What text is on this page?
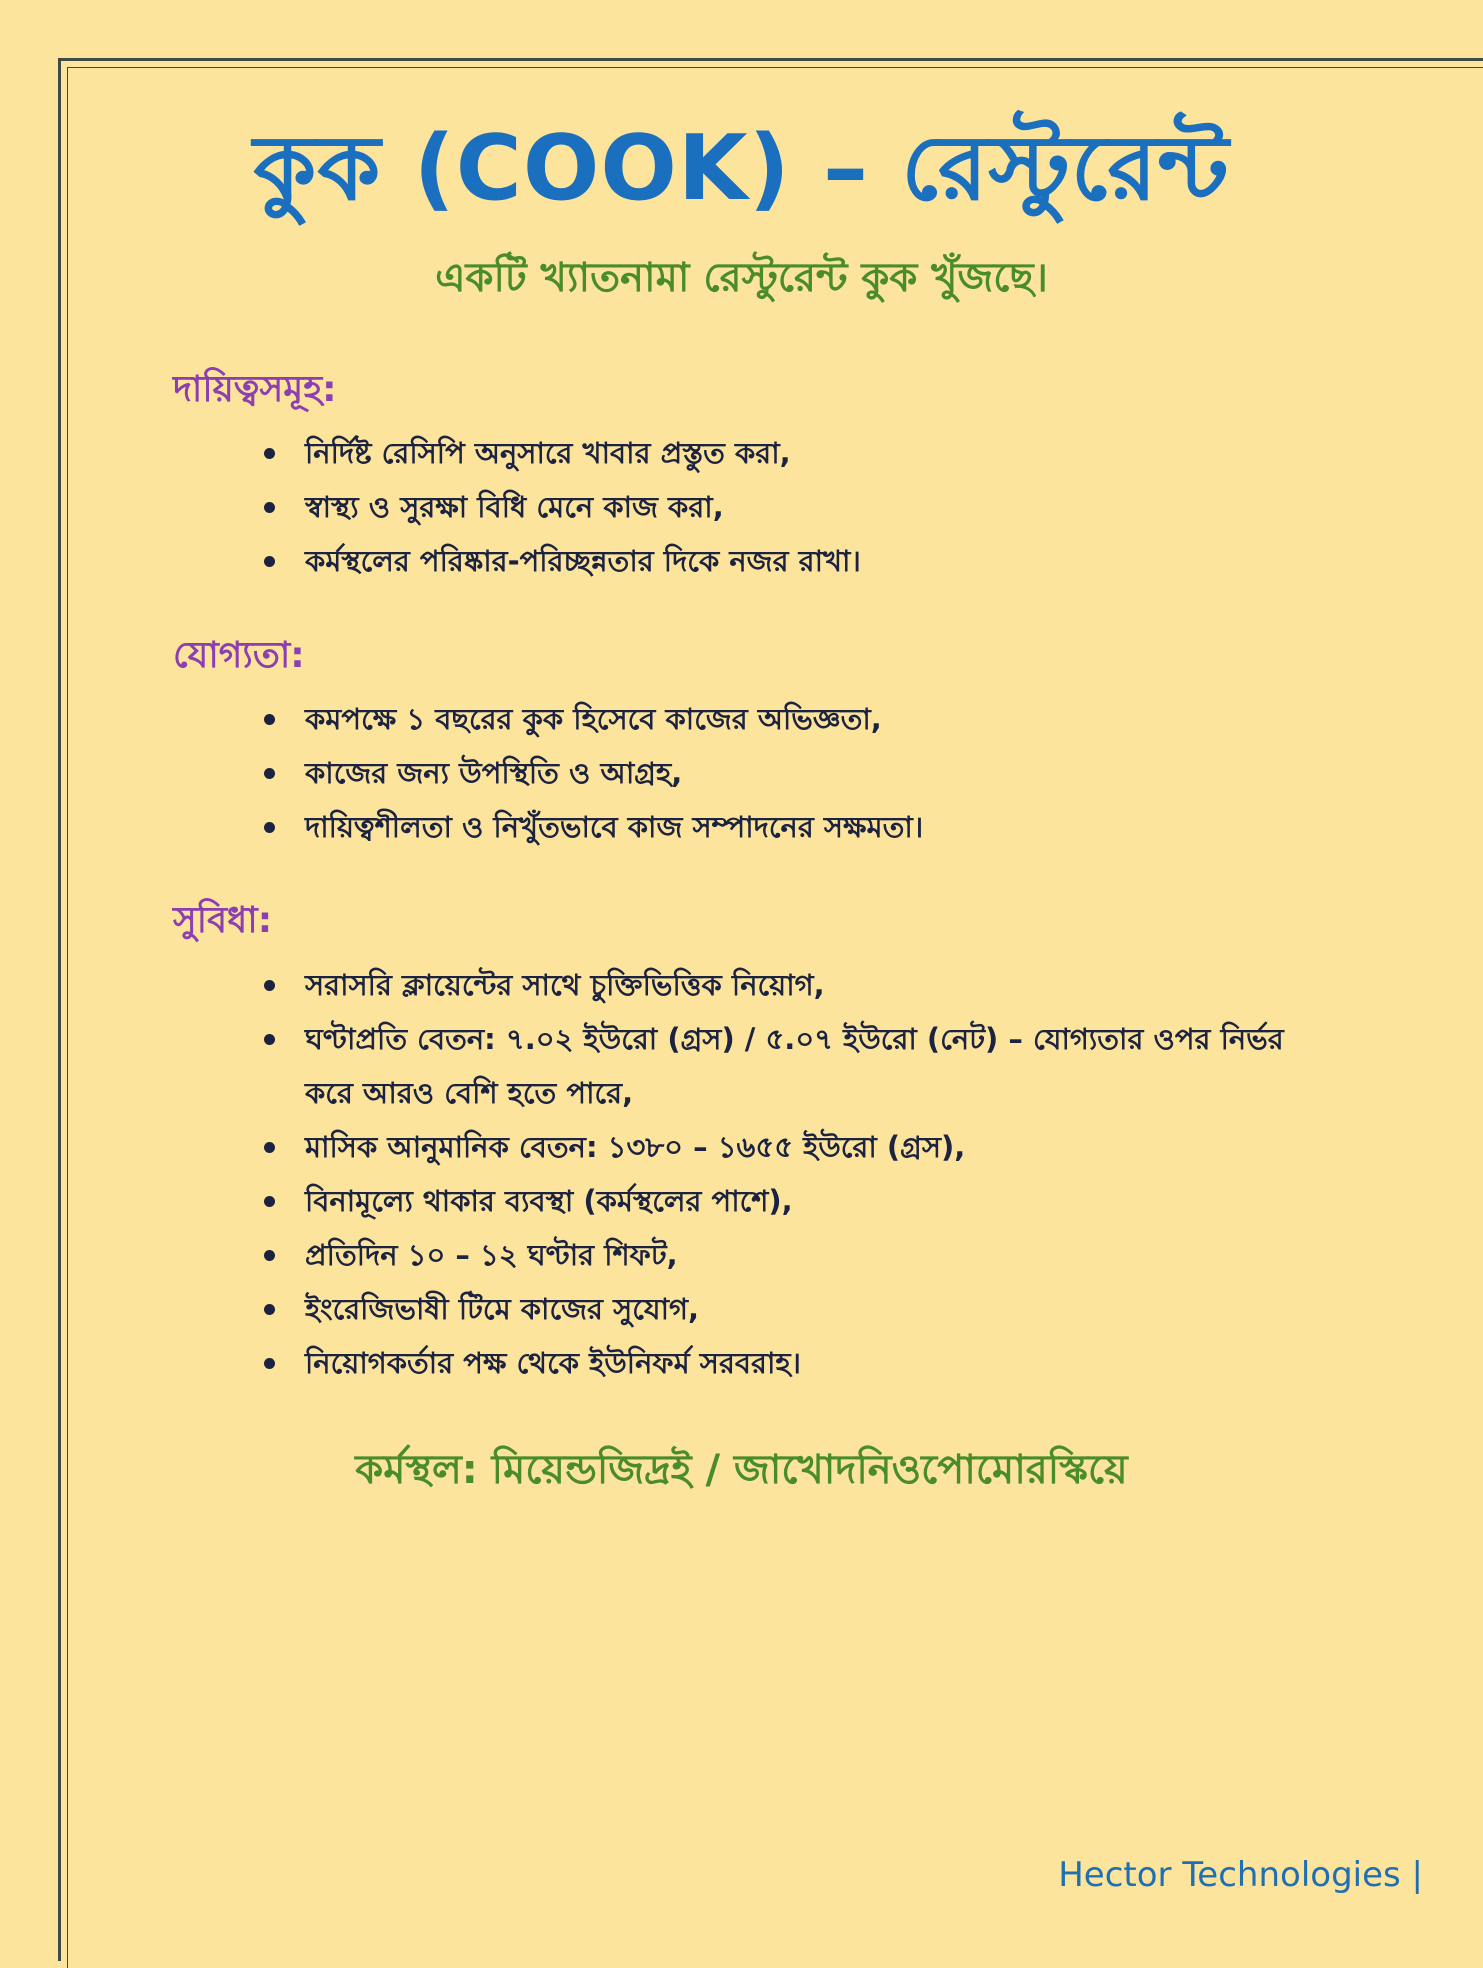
কুক (COOK) – রেস্টুরেন্ট
একটি খ্যাতনামা রেস্টুরেন্ট কুক খুঁজছে।
দায়িত্বসমূহ:
নির্দিষ্ট রেসিপি অনুসারে খাবার প্রস্তুত করা,
স্বাস্থ্য ও সুরক্ষা বিধি মেনে কাজ করা,
কর্মস্থলের পরিষ্কার-পরিচ্ছন্নতার দিকে নজর রাখা।
যোগ্যতা:
কমপক্ষে ১ বছরের কুক হিসেবে কাজের অভিজ্ঞতা,
কাজের জন্য উপস্থিতি ও আগ্রহ,
দায়িত্বশীলতা ও নিখুঁতভাবে কাজ সম্পাদনের সক্ষমতা।
সুবিধা:
সরাসরি ক্লায়েন্টের সাথে চুক্তিভিত্তিক নিয়োগ,
ঘণ্টাপ্রতি বেতন: ৭.০২ ইউরো (গ্রস) / ৫.০৭ ইউরো (নেট) – যোগ্যতার ওপর নির্ভর করে আরও বেশি হতে পারে,
মাসিক আনুমানিক বেতন: ১৩৮০ – ১৬৫৫ ইউরো (গ্রস),
বিনামূল্যে থাকার ব্যবস্থা (কর্মস্থলের পাশে),
প্রতিদিন ১০ – ১২ ঘণ্টার শিফট,
ইংরেজিভাষী টিমে কাজের সুযোগ,
নিয়োগকর্তার পক্ষ থেকে ইউনিফর্ম সরবরাহ।
কর্মস্থল: মিয়েন্ডজিদ্রই / জাখোদনিওপোমোরস্কিয়ে
Hector Technologies |
